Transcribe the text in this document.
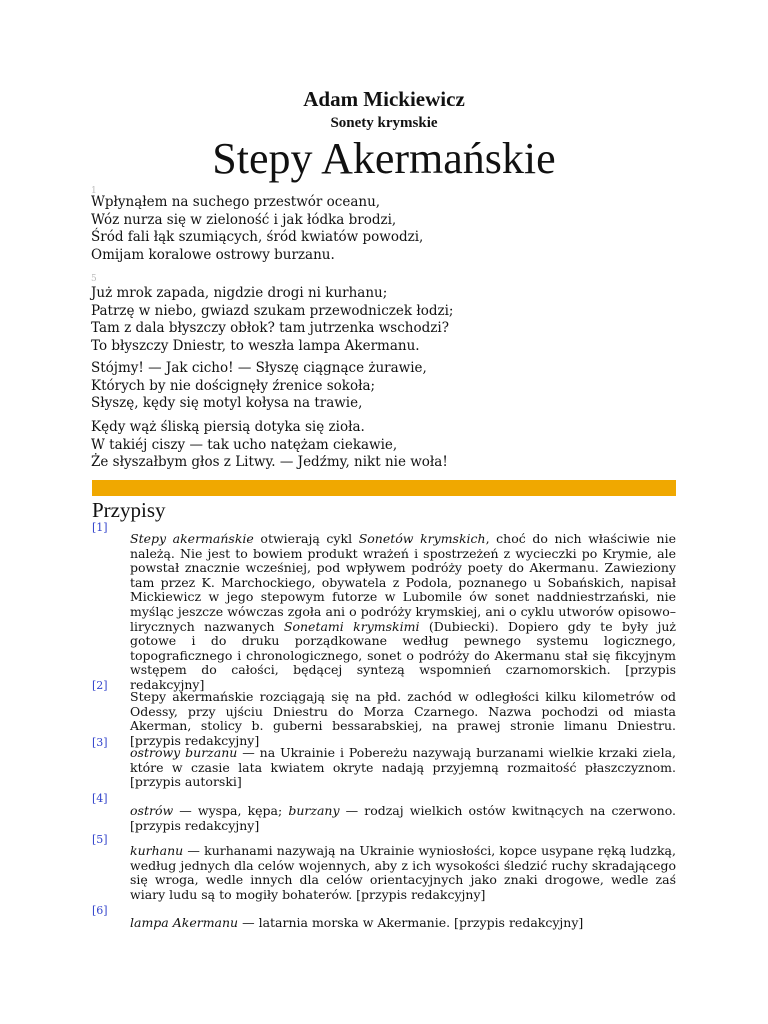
Adam Mickiewicz
Sonety krymskie
Stepy Akermańskie
1
Wpłynąłem na suchego przestwór oceanu,
Wóz nurza się w zieloność i jak łódka brodzi,
Śród fali łąk szumiących, śród kwiatów powodzi,
Omijam koralowe ostrowy burzanu.
5
Już mrok zapada, nigdzie drogi ni kurhanu;
Patrzę w niebo, gwiazd szukam przewodniczek łodzi;
Tam z dala błyszczy obłok? tam jutrzenka wschodzi?
To błyszczy Dniestr, to weszła lampa Akermanu.
Stójmy! — Jak cicho! — Słyszę ciągnące żurawie,
Których by nie doścignęły źrenice sokoła;
Słyszę, kędy się motyl kołysa na trawie,
Kędy wąż śliską piersią dotyka się zioła.
W takiéj ciszy — tak ucho natężam ciekawie,
Że słyszałbym głos z Litwy. — Jedźmy, nikt nie woła!
Przypisy
[1]
Stepy akermańskie otwierają cykl Sonetów krymskich, choć do nich właściwie nie należą. Nie jest to bowiem produkt wrażeń i spostrzeżeń z wycieczki po Krymie, ale powstał znacznie wcześniej, pod wpływem podróży poety do Akermanu. Zawieziony tam przez K. Marchockiego, obywatela z Podola, poznanego u Sobańskich, napisał Mickiewicz w jego stepowym futorze w Lubomile ów sonet naddniestrzański, nie myśląc jeszcze wówczas zgoła ani o podróży krymskiej, ani o cyklu utworów opisowo–lirycznych nazwanych Sonetami krymskimi (Dubiecki). Dopiero gdy te były już gotowe i do druku porządkowane według pewnego systemu logicznego, topograficznego i chronologicznego, sonet o podróży do Akermanu stał się fikcyjnym wstępem do całości, będącej syntezą wspomnień czarnomorskich. [przypis redakcyjny]
[2]
Stepy akermańskie rozciągają się na płd. zachód w odległości kilku kilometrów od Odessy, przy ujściu Dniestru do Morza Czarnego. Nazwa pochodzi od miasta Akerman, stolicy b. guberni bessarabskiej, na prawej stronie limanu Dniestru. [przypis redakcyjny]
[3]
ostrowy burzanu — na Ukrainie i Pobereżu nazywają burzanami wielkie krzaki ziela, które w czasie lata kwiatem okryte nadają przyjemną rozmaitość płaszczyznom. [przypis autorski]
[4]
ostrów — wyspa, kępa; burzany — rodzaj wielkich ostów kwitnących na czerwono. [przypis redakcyjny]
[5]
kurhanu — kurhanami nazywają na Ukrainie wyniosłości, kopce usypane ręką ludzką, według jednych dla celów wojennych, aby z ich wysokości śledzić ruchy skradającego się wroga, wedle innych dla celów orientacyjnych jako znaki drogowe, wedle zaś wiary ludu są to mogiły bohaterów. [przypis redakcyjny]
[6]
lampa Akermanu — latarnia morska w Akermanie. [przypis redakcyjny]
